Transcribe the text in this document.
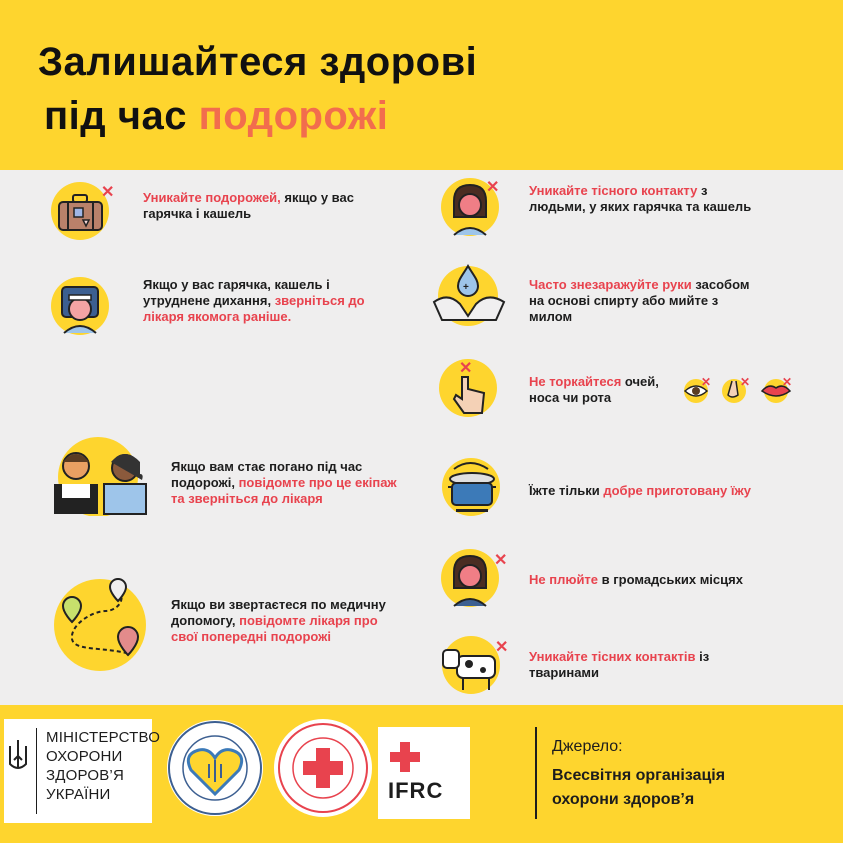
Залишайтеся здорові
під час подорожі
✕ Уникайте подорожей, якщо у вас гарячка і кашель
Якщо у вас гарячка, кашель і утруднене дихання, зверніться до лікаря якомога раніше.
Якщо вам стає погано під час подорожі, повідомте про це екіпаж та зверніться до лікаря
Якщо ви звертаєтеся по медичну допомогу, повідомте лікаря про свої попередні подорожі
✕ Уникайте тісного контакту з людьми, у яких гарячка та кашель
+	Часто знезаражуйте руки засобом на основі спирту або мийте з милом
✕
Не торкайтеся очей, носа чи рота
✕ ✕	✕
Їжте тільки добре приготовану їжу
✕
Не плюйте в громадських місцях
✕
Уникайте тісних контактів із тваринами
МІНІСТЕРСТВО
ОХОРОНИ
ЗДОРОВ’Я
УКРАЇНИ	IFRC
Джерело:
Всесвітня організація
охорони здоров’я
